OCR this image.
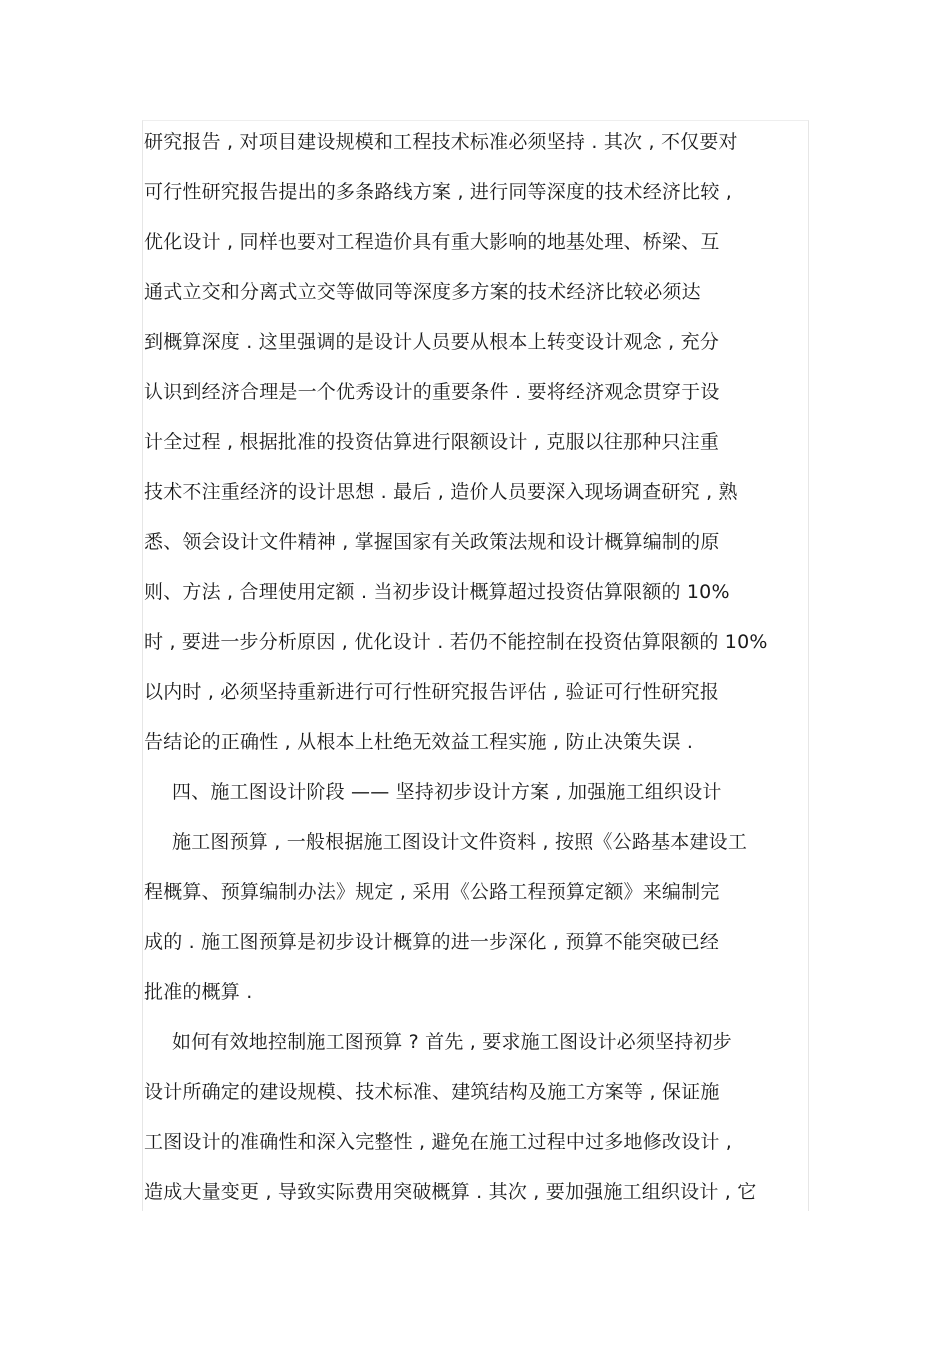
研究报告 , 对项目建设规模和工程技术标准必须坚持 . 其次 , 不仅要对
可行性研究报告提出的多条路线方案 , 进行同等深度的技术经济比较 ,
优化设计 , 同样也要对工程造价具有重大影响的地基处理、桥梁、互
通式立交和分离式立交等做同等深度多方案的技术经济比较必须达
到概算深度 . 这里强调的是设计人员要从根本上转变设计观念 , 充分
认识到经济合理是一个优秀设计的重要条件 . 要将经济观念贯穿于设
计全过程 , 根据批准的投资估算进行限额设计 , 克服以往那种只注重
技术不注重经济的设计思想 . 最后 , 造价人员要深入现场调查研究 , 熟
悉、领会设计文件精神 , 掌握国家有关政策法规和设计概算编制的原
则、方法 , 合理使用定额 . 当初步设计概算超过投资估算限额的 10%
时 , 要进一步分析原因 , 优化设计 . 若仍不能控制在投资估算限额的 10%
以内时 , 必须坚持重新进行可行性研究报告评估 , 验证可行性研究报
告结论的正确性 , 从根本上杜绝无效益工程实施 , 防止决策失误 .
四、施工图设计阶段 —— 坚持初步设计方案 , 加强施工组织设计
施工图预算 , 一般根据施工图设计文件资料 , 按照《公路基本建设工
程概算、预算编制办法》规定 , 采用《公路工程预算定额》来编制完
成的 . 施工图预算是初步设计概算的进一步深化 , 预算不能突破已经
批准的概算 .
如何有效地控制施工图预算 ? 首先 , 要求施工图设计必须坚持初步
设计所确定的建设规模、技术标准、建筑结构及施工方案等 , 保证施
工图设计的准确性和深入完整性 , 避免在施工过程中过多地修改设计 ,
造成大量变更 , 导致实际费用突破概算 . 其次 , 要加强施工组织设计 , 它
